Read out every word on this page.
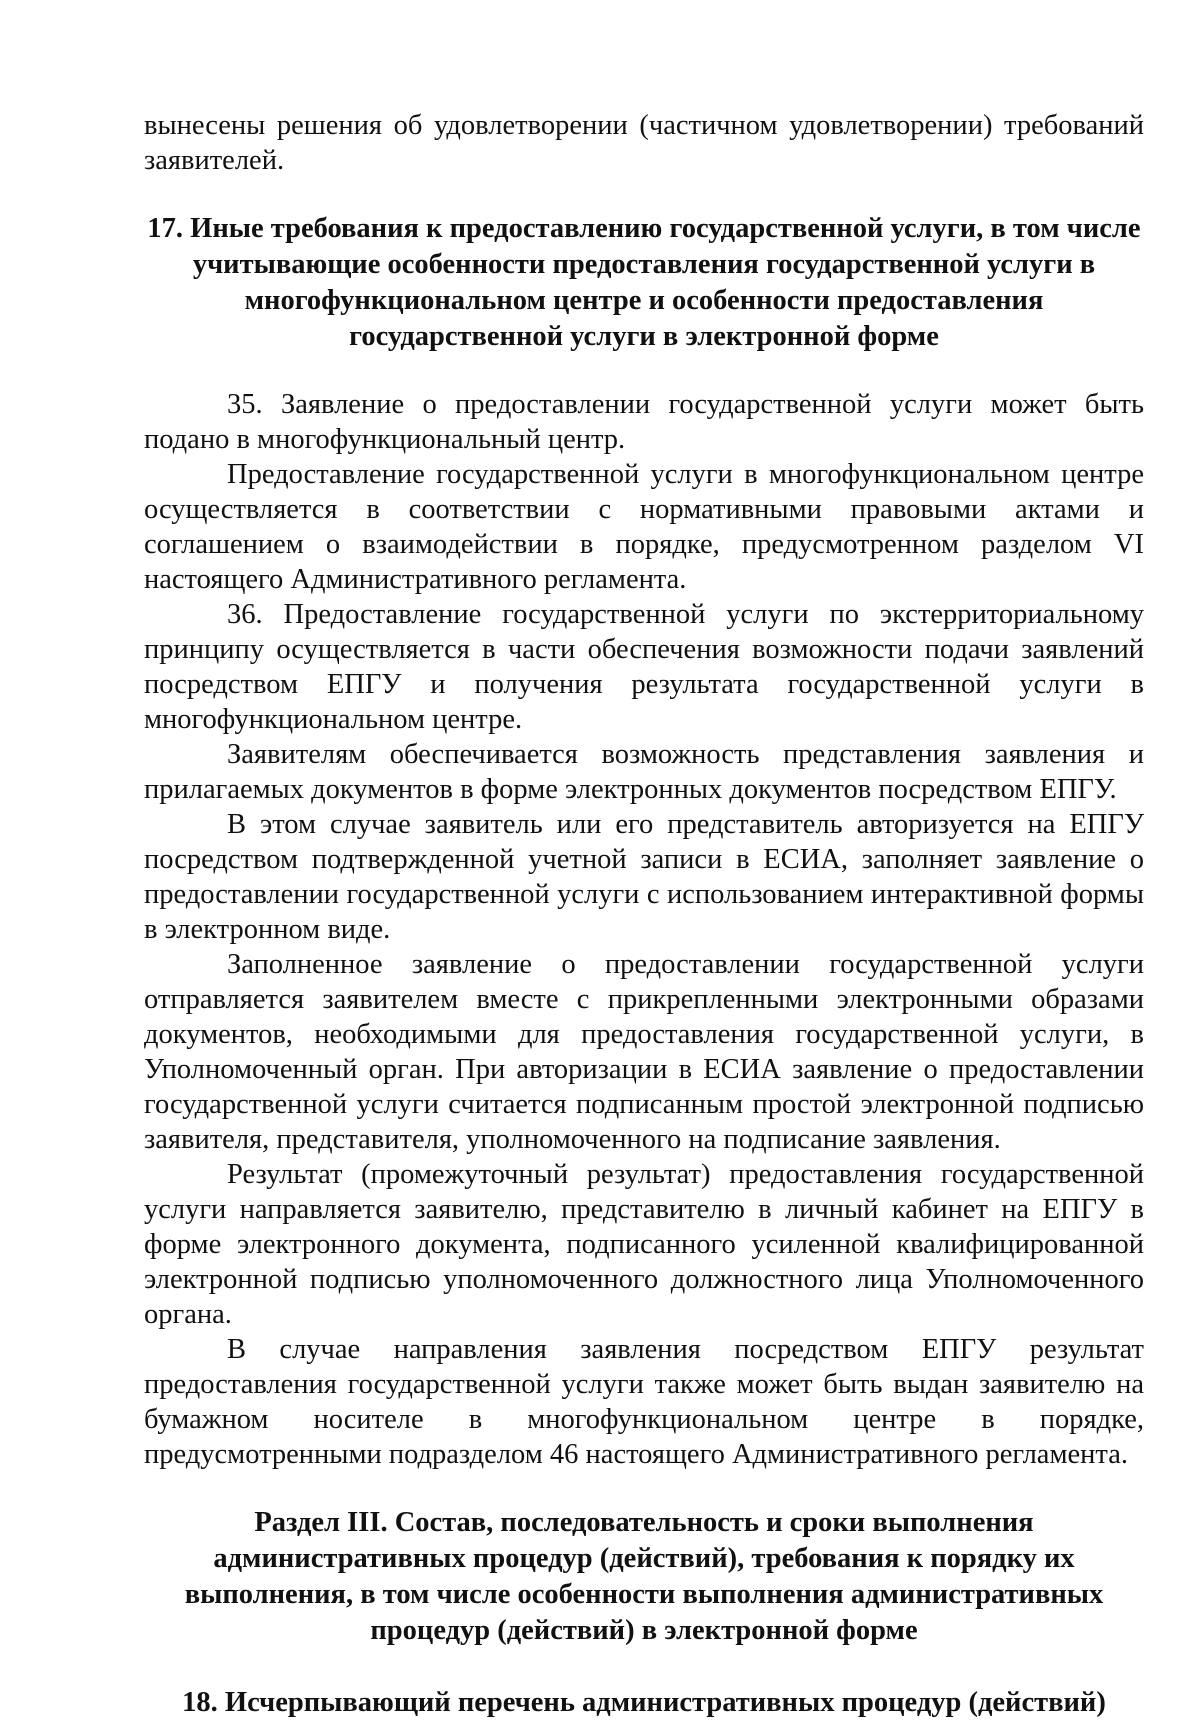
вынесены решения об удовлетворении (частичном удовлетворении) требований заявителей.

17. Иные требования к предоставлению государственной услуги, в том числе
учитывающие особенности предоставления государственной услуги в
многофункциональном центре и особенности предоставления
государственной услуги в электронной форме

35. Заявление о предоставлении государственной услуги может быть подано в многофункциональный центр.

Предоставление государственной услуги в многофункциональном центре осуществляется в соответствии с нормативными правовыми актами и соглашением о взаимодействии в порядке, предусмотренном разделом VI настоящего Административного регламента.

36. Предоставление государственной услуги по экстерриториальному принципу осуществляется в части обеспечения возможности подачи заявлений посредством ЕПГУ и получения результата государственной услуги в многофункциональном центре.

Заявителям обеспечивается возможность представления заявления и прилагаемых документов в форме электронных документов посредством ЕПГУ.

В этом случае заявитель или его представитель авторизуется на ЕПГУ посредством подтвержденной учетной записи в ЕСИА, заполняет заявление о предоставлении государственной услуги с использованием интерактивной формы в электронном виде.

Заполненное заявление о предоставлении государственной услуги отправляется заявителем вместе с прикрепленными электронными образами документов, необходимыми для предоставления государственной услуги, в Уполномоченный орган. При авторизации в ЕСИА заявление о предоставлении государственной услуги считается подписанным простой электронной подписью заявителя, представителя, уполномоченного на подписание заявления.

Результат (промежуточный результат) предоставления государственной услуги направляется заявителю, представителю в личный кабинет на ЕПГУ в форме электронного документа, подписанного усиленной квалифицированной электронной подписью уполномоченного должностного лица Уполномоченного органа.

В случае направления заявления посредством ЕПГУ результат предоставления государственной услуги также может быть выдан заявителю на бумажном носителе в многофункциональном центре в порядке, предусмотренными подразделом 46 настоящего Административного регламента.

Раздел III. Состав, последовательность и сроки выполнения
административных процедур (действий), требования к порядку их
выполнения, в том числе особенности выполнения административных
процедур (действий) в электронной форме
18. Исчерпывающий перечень административных процедур (действий)
